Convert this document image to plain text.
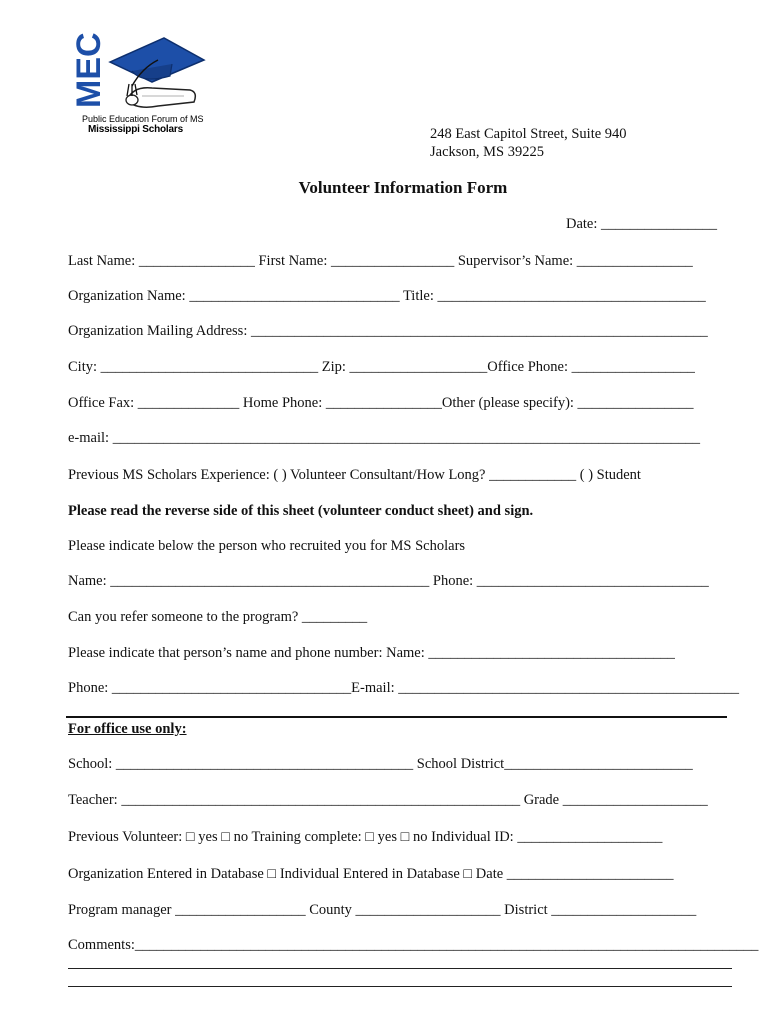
MEC
Public Education Forum of MS
Mississippi Scholars	248 East Capitol Street, Suite 940
Jackson, MS 39225
Volunteer Information Form
Date: ________________
Last Name: ________________ First Name: _________________ Supervisor’s Name: ________________
Organization Name: _____________________________ Title: _____________________________________
Organization Mailing Address: _______________________________________________________________
City: ______________________________ Zip: ___________________Office Phone: _________________
Office Fax: ______________ Home Phone: ________________Other (please specify): ________________
e-mail: _________________________________________________________________________________
Previous MS Scholars Experience: ( ) Volunteer Consultant/How Long? ____________ ( ) Student
Please read the reverse side of this sheet (volunteer conduct sheet) and sign.
Please indicate below the person who recruited you for MS Scholars
Name: ____________________________________________ Phone: ________________________________
Can you refer someone to the program? _________
Please indicate that person’s name and phone number: Name: __________________________________
Phone: _________________________________E-mail: _______________________________________________
For office use only:
School: _________________________________________ School District__________________________
Teacher: _______________________________________________________ Grade ____________________
Previous Volunteer: □ yes □ no Training complete: □ yes □ no Individual ID: ____________________
Organization Entered in Database □ Individual Entered in Database □ Date _______________________
Program manager __________________ County ____________________ District ____________________
Comments:______________________________________________________________________________________
